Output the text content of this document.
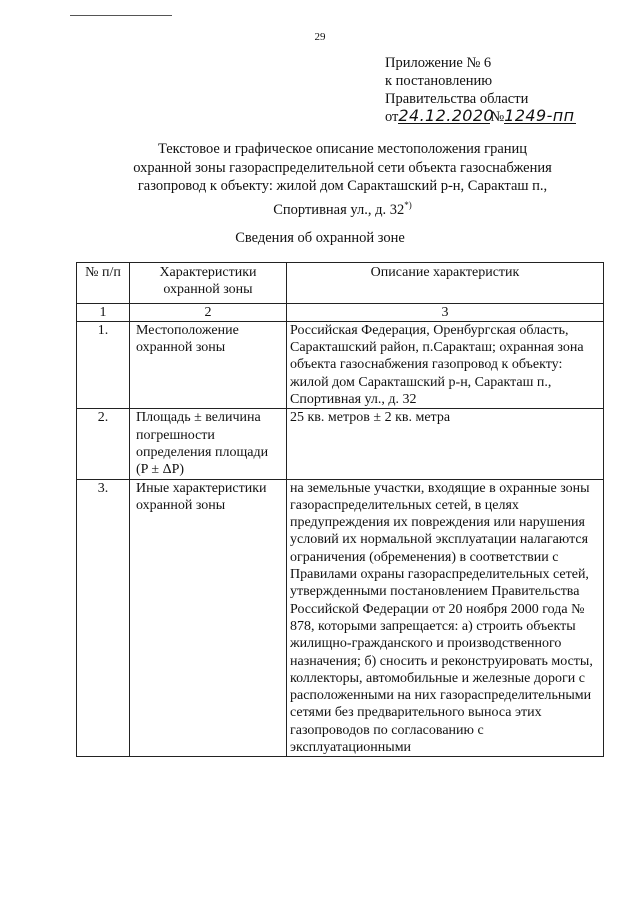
29
Приложение № 6
к постановлению
Правительства области
от24.12.2020№1249-пп
Текстовое и графическое описание местоположения границ
охранной зоны газораспределительной сети объекта газоснабжения
газопровод к объекту: жилой дом Саракташский р-н, Саракташ п.,
Спортивная ул., д. 32*)
Сведения об охранной зоне
№ п/п	Характеристики охранной зоны	Описание характеристик
1	2	3
1.	Местоположение охранной зоны	Российская Федерация, Оренбургская область, Саракташский район, п.Саракташ; охранная зона объекта газоснабжения газопровод к объекту: жилой дом Саракташский р-н, Саракташ п., Спортивная ул., д. 32
2.	Площадь ± величина погрешности определения площади (P ± ΔP)	25 кв. метров ± 2 кв. метра
3.	Иные характеристики охранной зоны	на земельные участки, входящие в охранные зоны газораспределительных сетей, в целях предупреждения их повреждения или нарушения условий их нормальной эксплуатации налагаются ограничения (обременения) в соответствии с Правилами охраны газораспределительных сетей, утвержденными постановлением Правительства Российской Федерации от 20 ноября 2000 года № 878, которыми запрещается: а) строить объекты жилищно-гражданского и производственного назначения; б) сносить и реконструировать мосты, коллекторы, автомобильные и железные дороги с расположенными на них газораспределительными сетями без предварительного выноса этих газопроводов по согласованию с эксплуатационными
